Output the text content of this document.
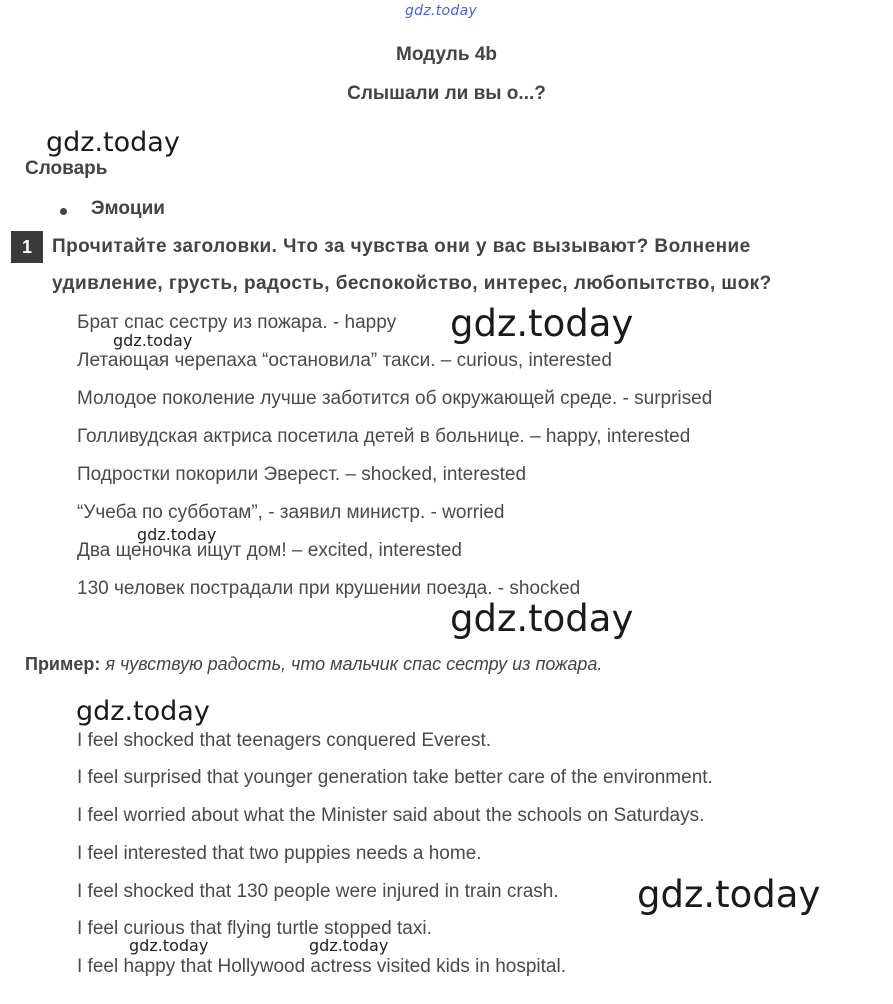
gdz.today
Модуль 4b
Слышали ли вы о...?
gdz.today
Словарь
Эмоции
1	Прочитайте заголовки. Что за чувства они у вас вызывают? Волнение
удивление, грусть, радость, беспокойство, интерес, любопытство, шок?
Брат спас сестру из пожара. - happy gdz.today
gdz.today
Летающая черепаха “остановила” такси. – curious, interested
Молодое поколение лучше заботится об окружающей среде. - surprised
Голливудская актриса посетила детей в больнице. – happy, interested
Подростки покорили Эверест. – shocked, interested
“Учеба по субботам”, - заявил министр. - worried
gdz.today
Два щеночка ищут дом! – excited, interested
130 человек пострадали при крушении поезда. - shocked
gdz.today
Пример: я чувствую радость, что мальчик спас сестру из пожара.
gdz.today
I feel shocked that teenagers conquered Everest.
I feel surprised that younger generation take better care of the environment.
I feel worried about what the Minister said about the schools on Saturdays.
I feel interested that two puppies needs a home.
I feel shocked that 130 people were injured in train crash. gdz.today
I feel curious that flying turtle stopped taxi.
gdz.today	gdz.today
I feel happy that Hollywood actress visited kids in hospital.
